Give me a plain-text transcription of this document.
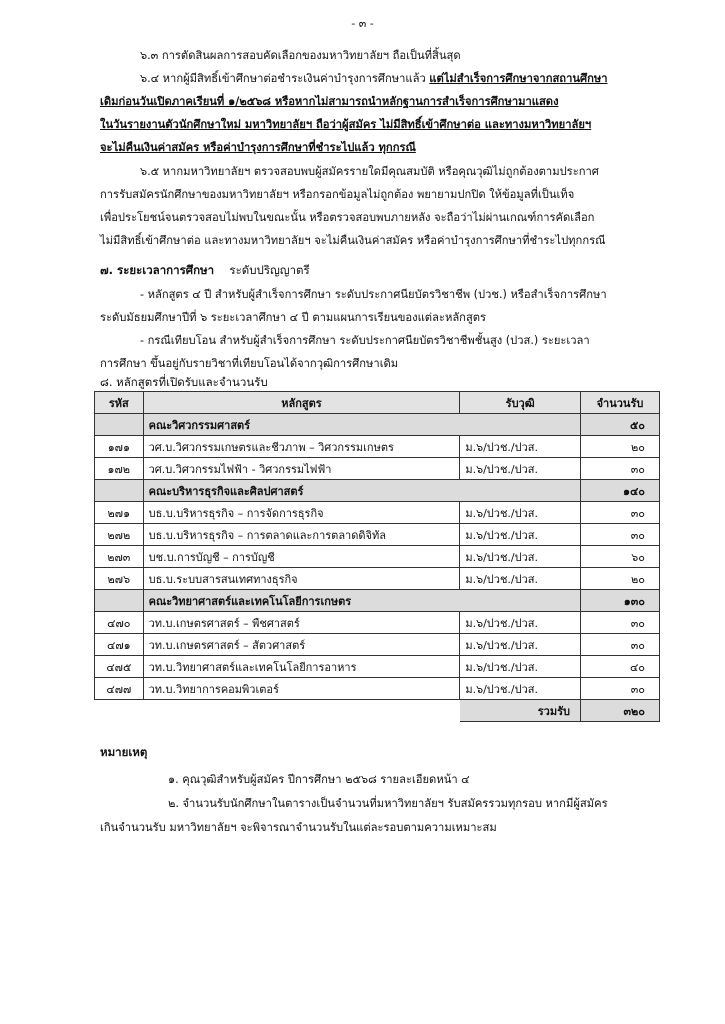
- ๓ -
๖.๓ การตัดสินผลการสอบคัดเลือกของมหาวิทยาลัยฯ ถือเป็นที่สิ้นสุด
๖.๔ หากผู้มีสิทธิ์เข้าศึกษาต่อชำระเงินค่าบำรุงการศึกษาแล้ว แต่ไม่สำเร็จการศึกษาจากสถานศึกษา
เดิมก่อนวันเปิดภาคเรียนที่ ๑/๒๕๖๘ หรือหากไม่สามารถนำหลักฐานการสำเร็จการศึกษามาแสดง
ในวันรายงานตัวนักศึกษาใหม่ มหาวิทยาลัยฯ ถือว่าผู้สมัคร ไม่มีสิทธิ์เข้าศึกษาต่อ และทางมหาวิทยาลัยฯ
จะไม่คืนเงินค่าสมัคร หรือค่าบำรุงการศึกษาที่ชำระไปแล้ว ทุกกรณี
๖.๕ หากมหาวิทยาลัยฯ ตรวจสอบพบผู้สมัครรายใดมีคุณสมบัติ หรือคุณวุฒิไม่ถูกต้องตามประกาศ
การรับสมัครนักศึกษาของมหาวิทยาลัยฯ หรือกรอกข้อมูลไม่ถูกต้อง พยายามปกปิด ให้ข้อมูลที่เป็นเท็จ
เพื่อประโยชน์จนตรวจสอบไม่พบในขณะนั้น หรือตรวจสอบพบภายหลัง จะถือว่าไม่ผ่านเกณฑ์การคัดเลือก
ไม่มีสิทธิ์เข้าศึกษาต่อ และทางมหาวิทยาลัยฯ จะไม่คืนเงินค่าสมัคร หรือค่าบำรุงการศึกษาที่ชำระไปทุกกรณี
๗. ระยะเวลาการศึกษา ระดับปริญญาตรี
- หลักสูตร ๔ ปี สำหรับผู้สำเร็จการศึกษา ระดับประกาศนียบัตรวิชาชีพ (ปวช.) หรือสำเร็จการศึกษา
ระดับมัธยมศึกษาปีที่ ๖ ระยะเวลาศึกษา ๔ ปี ตามแผนการเรียนของแต่ละหลักสูตร
- กรณีเทียบโอน สำหรับผู้สำเร็จการศึกษา ระดับประกาศนียบัตรวิชาชีพชั้นสูง (ปวส.) ระยะเวลา
การศึกษา ขึ้นอยู่กับรายวิชาที่เทียบโอนได้จากวุฒิการศึกษาเดิม
๘. หลักสูตรที่เปิดรับและจำนวนรับ
รหัส	หลักสูตร	รับวุฒิ	จำนวนรับ
	คณะวิศวกรรมศาสตร์		๕๐
๑๗๑	วศ.บ.วิศวกรรมเกษตรและชีวภาพ – วิศวกรรมเกษตร	ม.๖/ปวช./ปวส.	๒๐
๑๗๒	วศ.บ.วิศวกรรมไฟฟ้า - วิศวกรรมไฟฟ้า	ม.๖/ปวช./ปวส.	๓๐
	คณะบริหารธุรกิจและศิลปศาสตร์		๑๔๐
๒๗๑	บธ.บ.บริหารธุรกิจ – การจัดการธุรกิจ	ม.๖/ปวช./ปวส.	๓๐
๒๗๒	บธ.บ.บริหารธุรกิจ – การตลาดและการตลาดดิจิทัล	ม.๖/ปวช./ปวส.	๓๐
๒๗๓	บช.บ.การบัญชี – การบัญชี	ม.๖/ปวช./ปวส.	๖๐
๒๗๖	บธ.บ.ระบบสารสนเทศทางธุรกิจ	ม.๖/ปวช./ปวส.	๒๐
	คณะวิทยาศาสตร์และเทคโนโลยีการเกษตร		๑๓๐
๔๗๐	วท.บ.เกษตรศาสตร์ – พืชศาสตร์	ม.๖/ปวช./ปวส.	๓๐
๔๗๑	วท.บ.เกษตรศาสตร์ – สัตวศาสตร์	ม.๖/ปวช./ปวส.	๓๐
๔๗๕	วท.บ.วิทยาศาสตร์และเทคโนโลยีการอาหาร	ม.๖/ปวช./ปวส.	๔๐
๔๗๗	วท.บ.วิทยาการคอมพิวเตอร์	ม.๖/ปวช./ปวส.	๓๐
		รวมรับ	๓๒๐
หมายเหตุ
๑. คุณวุฒิสำหรับผู้สมัคร ปีการศึกษา ๒๕๖๘ รายละเอียดหน้า ๔
๒. จำนวนรับนักศึกษาในตารางเป็นจำนวนที่มหาวิทยาลัยฯ รับสมัครรวมทุกรอบ หากมีผู้สมัคร
เกินจำนวนรับ มหาวิทยาลัยฯ จะพิจารณาจำนวนรับในแต่ละรอบตามความเหมาะสม
